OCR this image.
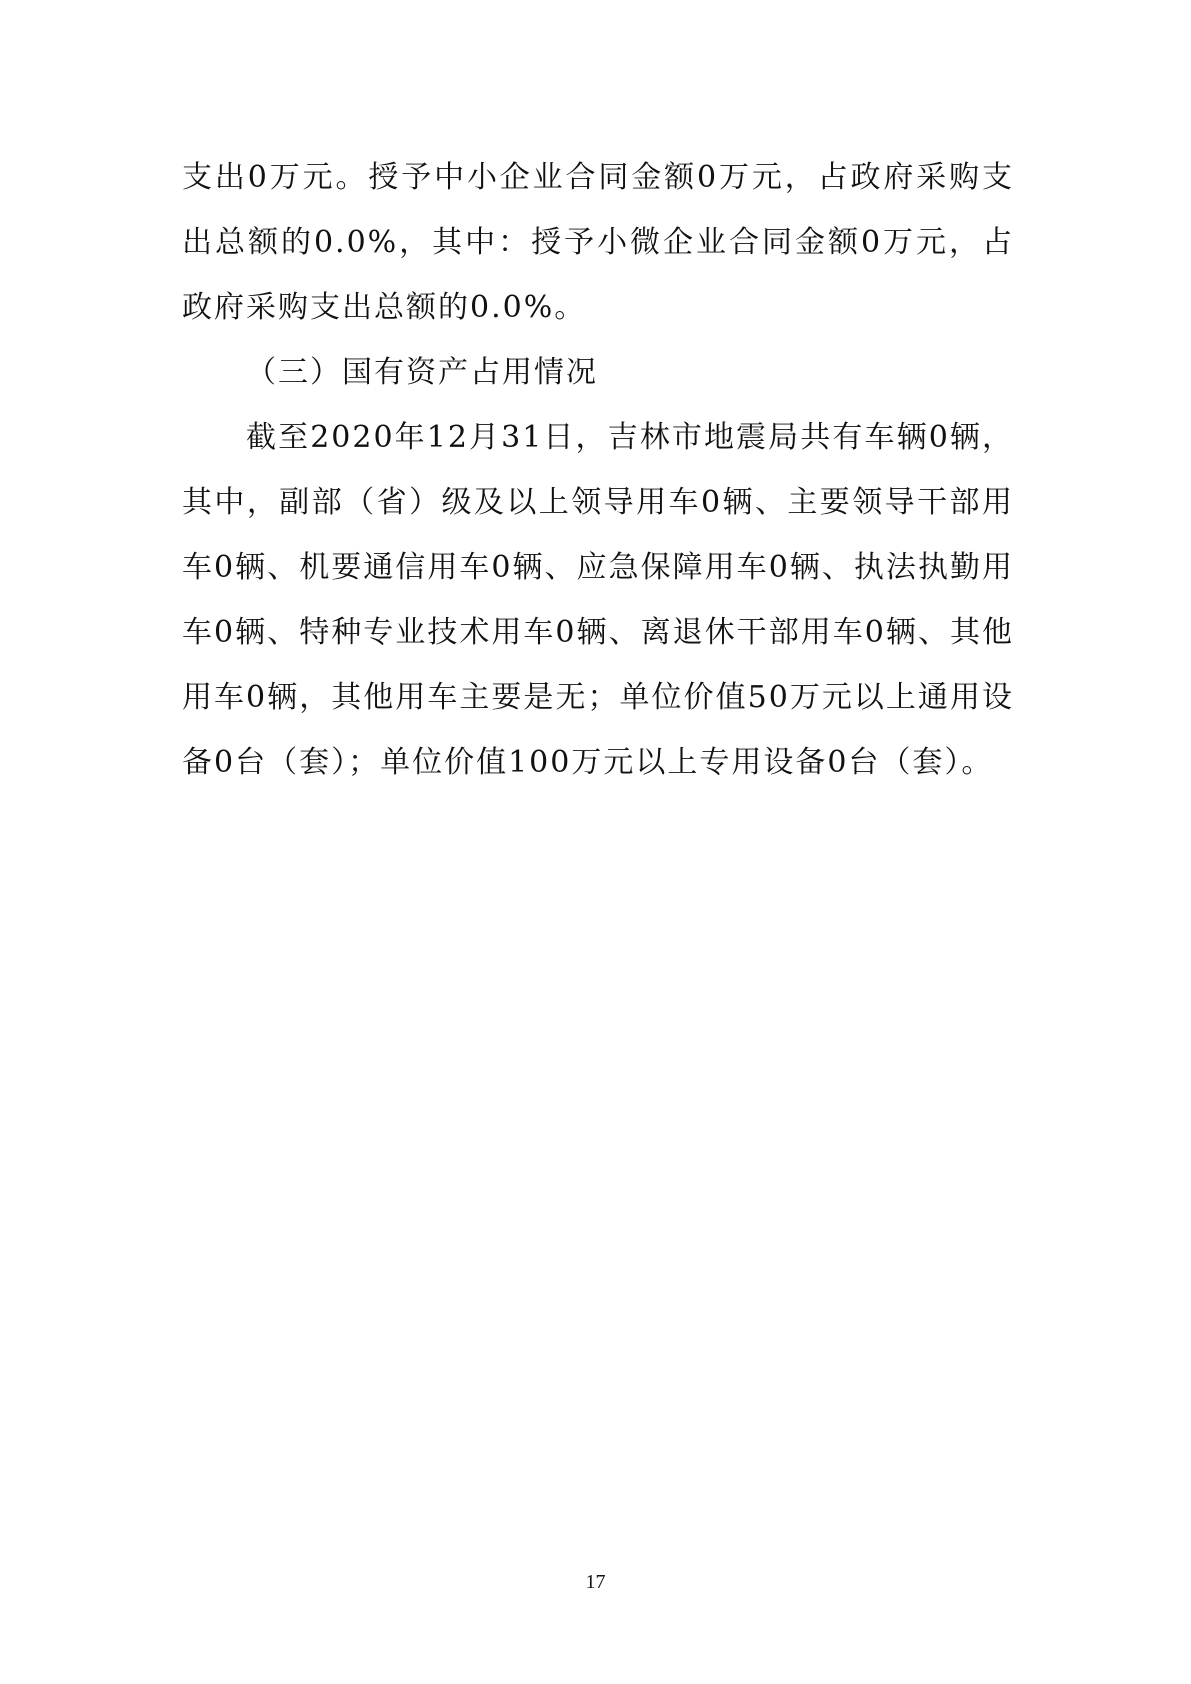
支出0万元。授予中小企业合同金额0万元，占政府采购支出总额的0.0%，其中：授予小微企业合同金额0万元，占政府采购支出总额的0.0%。

（三）国有资产占用情况

截至2020年12月31日，吉林市地震局共有车辆0辆，其中，副部（省）级及以上领导用车0辆、主要领导干部用车0辆、机要通信用车0辆、应急保障用车0辆、执法执勤用车0辆、特种专业技术用车0辆、离退休干部用车0辆、其他用车0辆，其他用车主要是无；单位价值50万元以上通用设备0台（套）；单位价值100万元以上专用设备0台（套）。

17
